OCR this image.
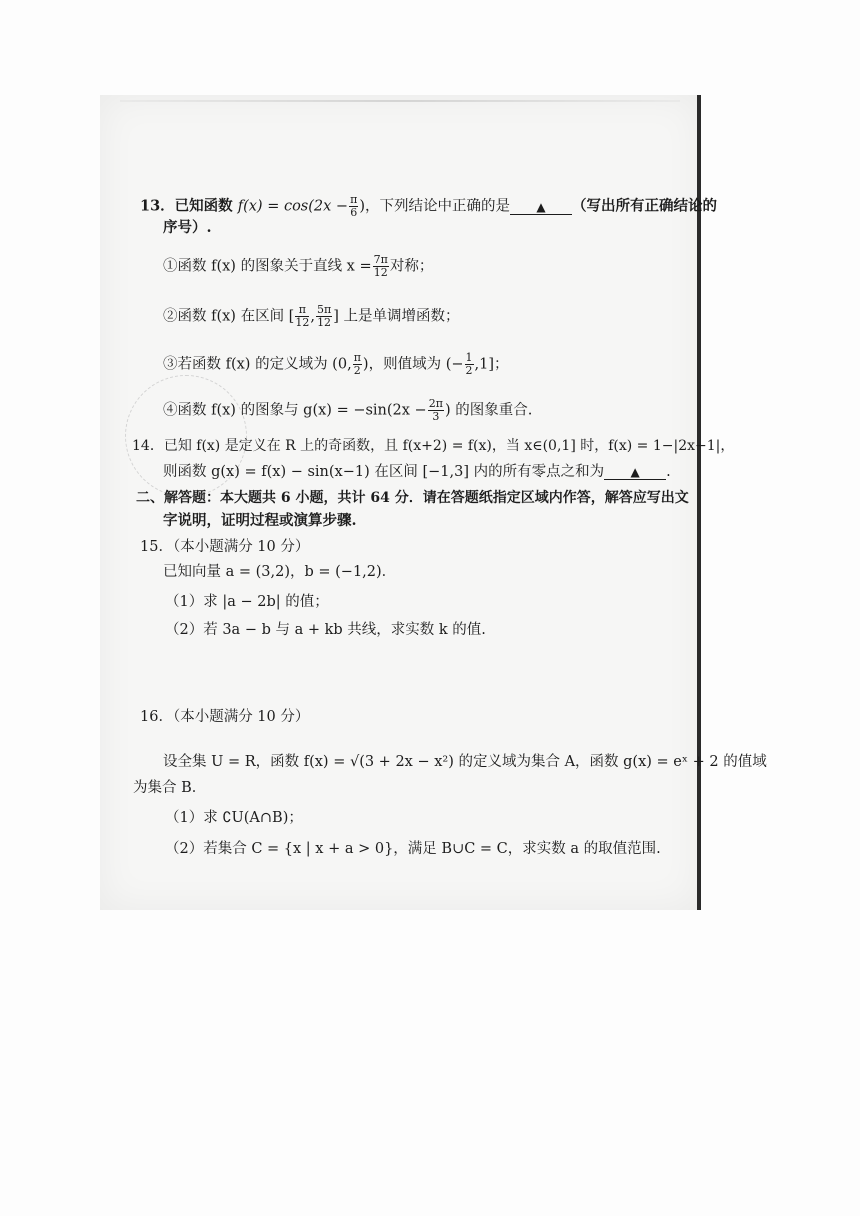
13．已知函数 $f(x) = \cos(2x - \frac{\pi}{6}$ )，下列结论中正确的是 ▲ （写出所有正确结论的
序号）.
①函数 f(x) 的图象关于直线 $x = \frac{7\pi}{12}$ 对称；
②函数 f(x) 在区间 [ $\frac{\pi}{12}$ , $\frac{5\pi}{12}$ ] 上是单调增函数；
③若函数 f(x) 的定义域为 (0, $\frac{\pi}{2}$ )，则值域为 (− $\frac{1}{2} ,1$]；
④函数 f(x) 的图象与 $g(x) = -\sin(2x - \frac{2\pi}{3}$ ) 的图象重合.
14．已知 f(x) 是定义在 R 上的奇函数，且 f(x+2) = f(x)，当 x∈(0,1] 时，f(x) = 1−|2x−1|，
则函数 g(x) = f(x) − sin(x−1) 在区间 [−1,3] 内的所有零点之和为 ▲ .
二、解答题：本大题共 6 小题，共计 64 分．请在答题纸指定区域内作答，解答应写出文
字说明，证明过程或演算步骤.
15．（本小题满分 10 分）
已知向量 a = (3,2)，b = (−1,2)．
（1）求 |a − 2b| 的值；
（2）若 3a − b 与 a + kb 共线，求实数 k 的值.
16．（本小题满分 10 分）
设全集 U = R，函数 f(x) = √(3 + 2x − x²) 的定义域为集合 A，函数 g(x) = eˣ + 2 的值域
为集合 B．
（1）求 ∁U(A∩B)；
（2）若集合 C = {x | x + a > 0}，满足 B∪C = C，求实数 a 的取值范围.
